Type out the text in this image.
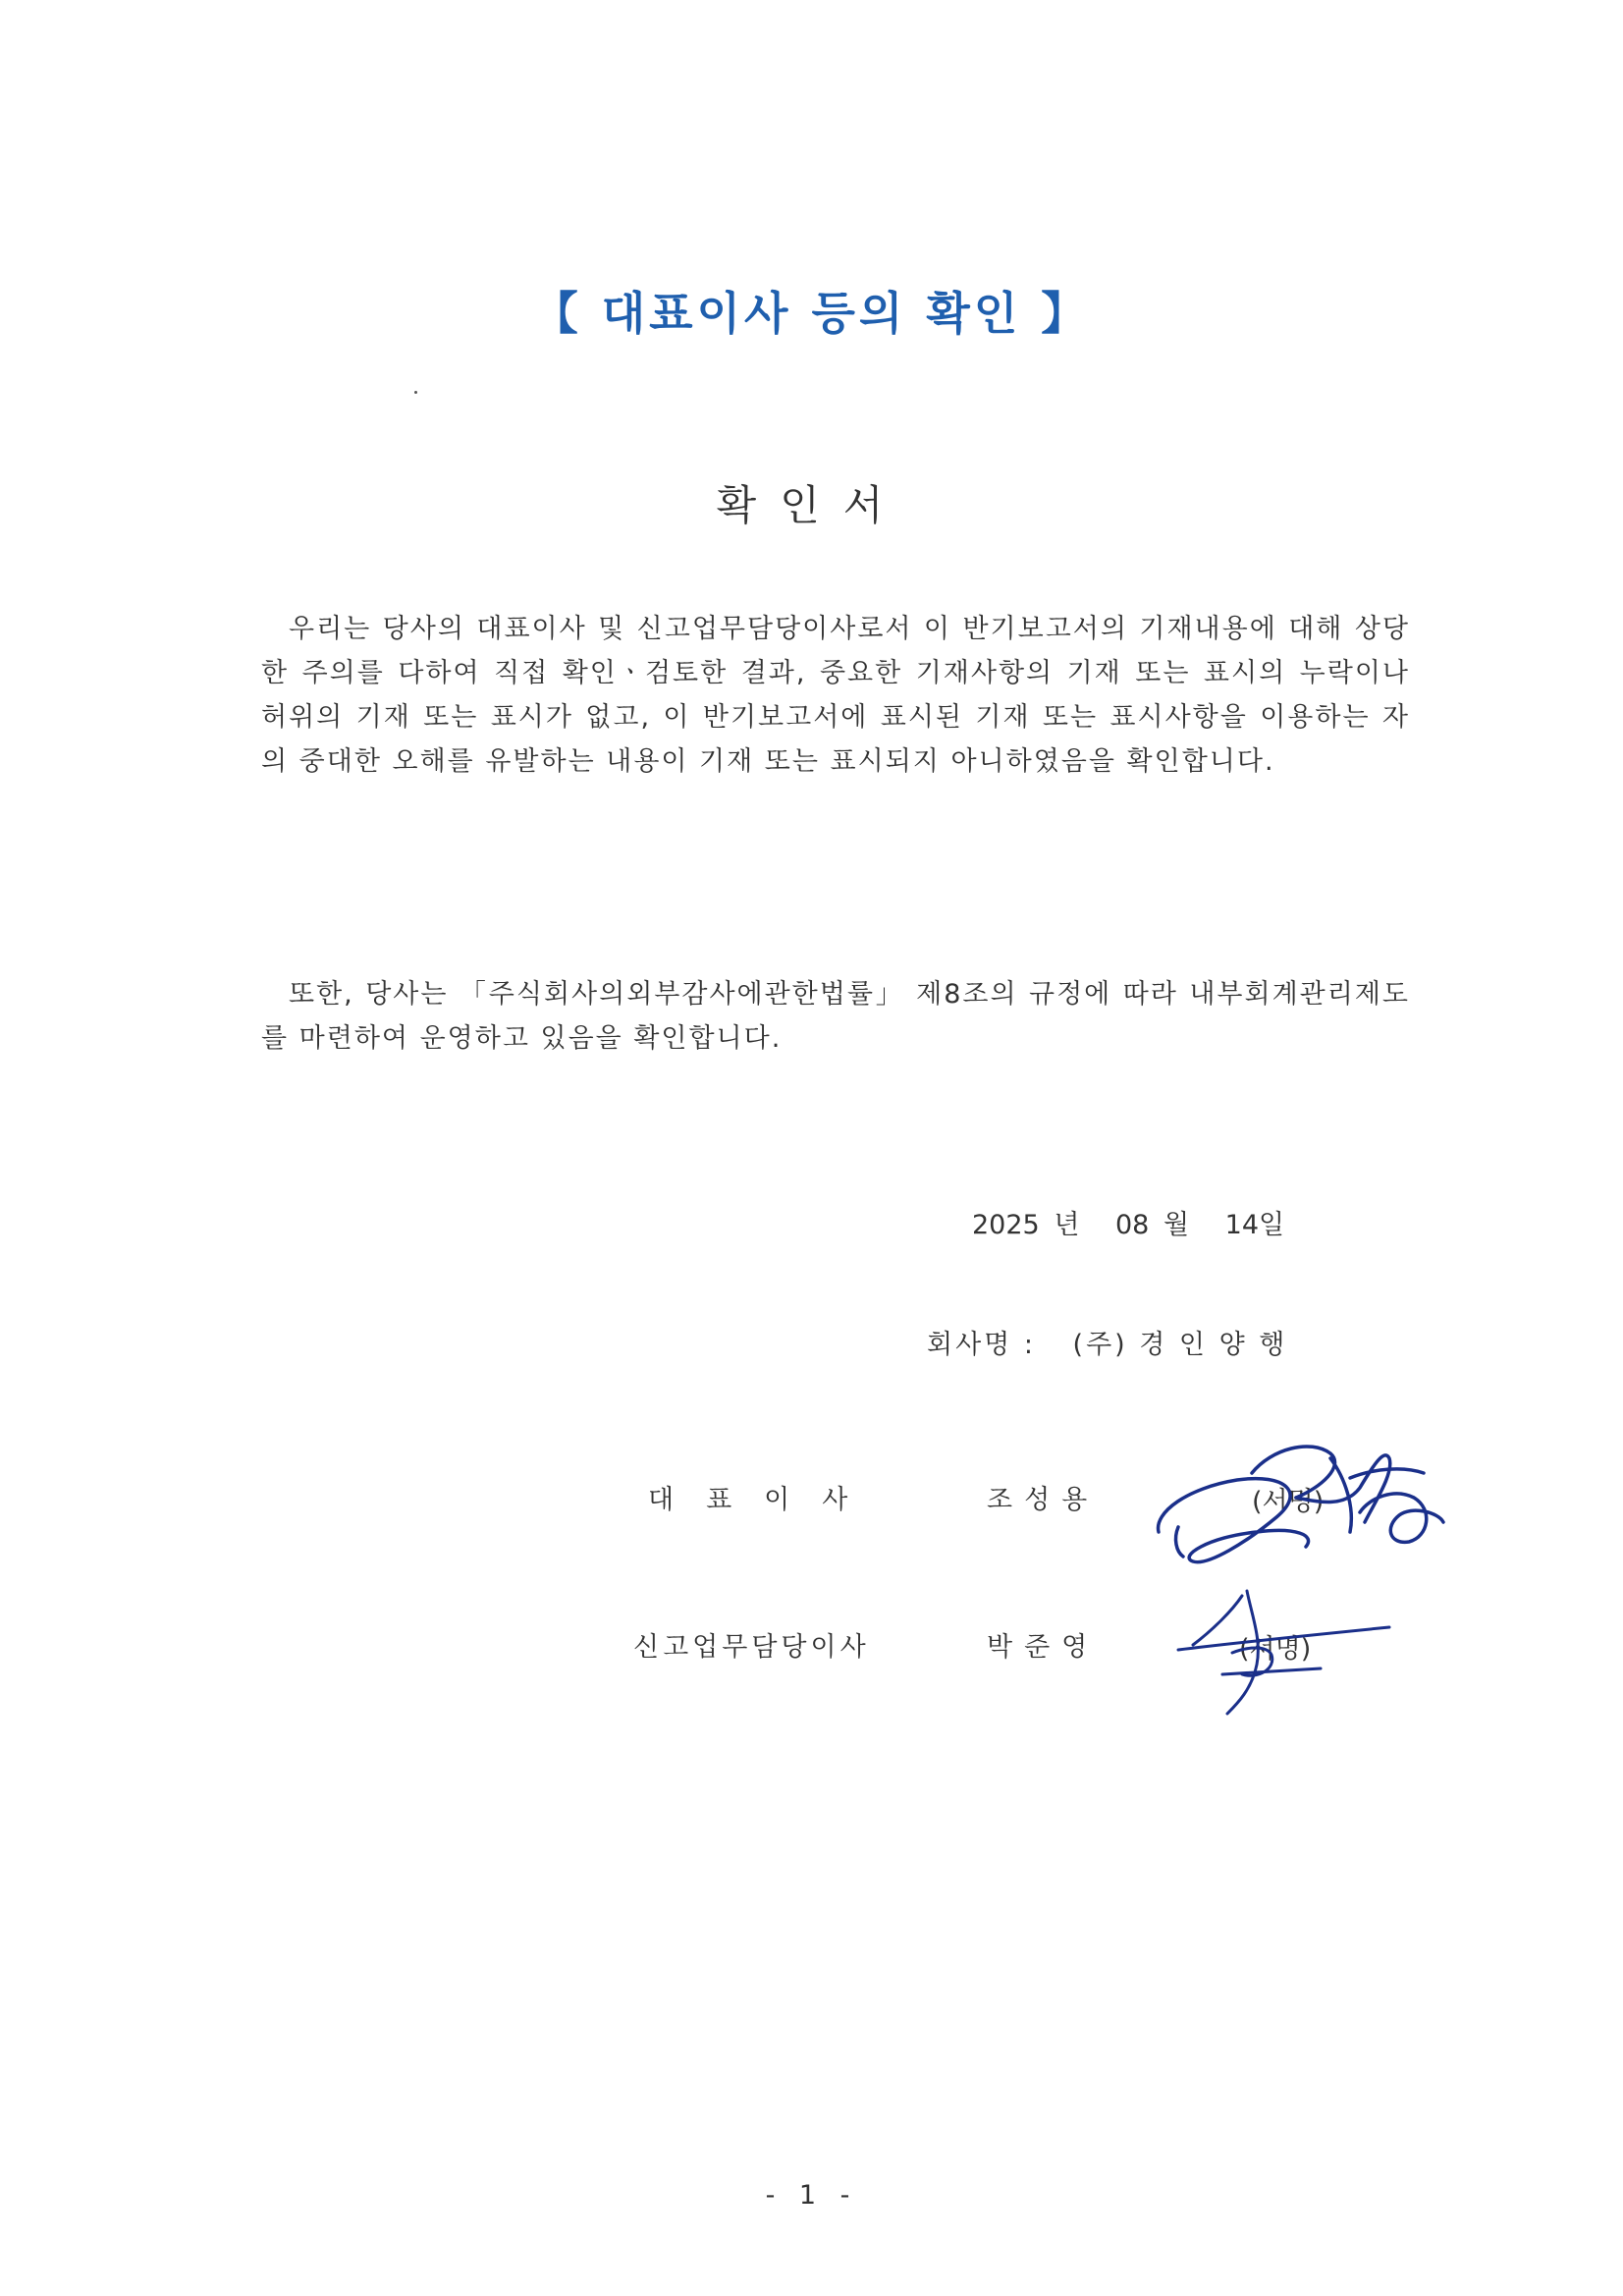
【 대표이사 등의 확인 】
확인서

우리는 당사의 대표이사 및 신고업무담당이사로서 이 반기보고서의 기재내용에 대해 상당한 주의를 다하여 직접 확인ㆍ검토한 결과, 중요한 기재사항의 기재 또는 표시의 누락이나 허위의 기재 또는 표시가 없고, 이 반기보고서에 표시된 기재 또는 표시사항을 이용하는 자의 중대한 오해를 유발하는 내용이 기재 또는 표시되지 아니하였음을 확인합니다.

또한, 당사는 「주식회사의외부감사에관한법률」 제8조의 규정에 따라 내부회계관리제도를 마련하여 운영하고 있음을 확인합니다.

2025 년 08 월 14일
회사명 : (주) 경 인 양 행
대표이사	조성용	(서명)
신고업무담당이사	박준영	(서명)
- 1 -
